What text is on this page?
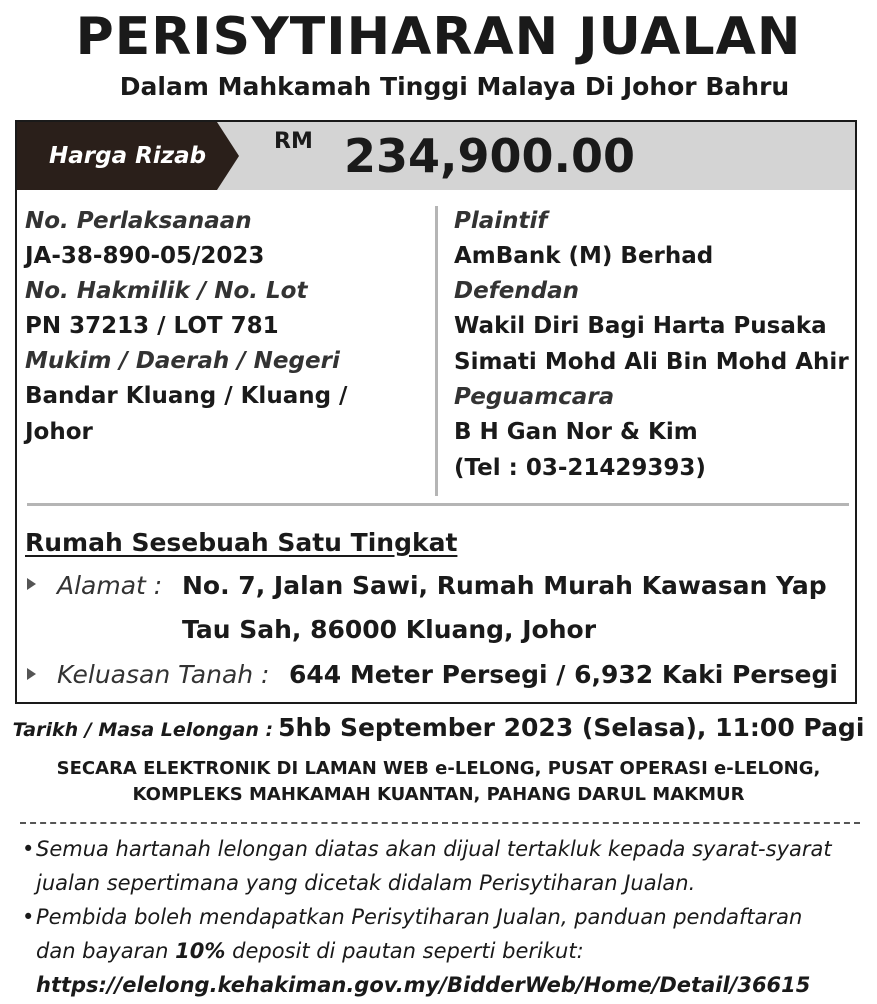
PERISYTIHARAN JUALAN
Dalam Mahkamah Tinggi Malaya Di Johor Bahru
Harga Rizab
RM 234,900.00
No. Perlaksanaan
JA-38-890-05/2023
No. Hakmilik / No. Lot
PN 37213 / LOT 781
Mukim / Daerah / Negeri
Bandar Kluang / Kluang /
Johor
Plaintif
AmBank (M) Berhad
Defendan
Wakil Diri Bagi Harta Pusaka
Simati Mohd Ali Bin Mohd Ahir
Peguamcara
B H Gan Nor & Kim
(Tel : 03-21429393)
Rumah Sesebuah Satu Tingkat
Alamat : No. 7, Jalan Sawi, Rumah Murah Kawasan Yap
Tau Sah, 86000 Kluang, Johor
Keluasan Tanah : 644 Meter Persegi / 6,932 Kaki Persegi
Tarikh / Masa Lelongan : 5hb September 2023 (Selasa), 11:00 Pagi
SECARA ELEKTRONIK DI LAMAN WEB e-LELONG, PUSAT OPERASI e-LELONG,
KOMPLEKS MAHKAMAH KUANTAN, PAHANG DARUL MAKMUR

•Semua hartanah lelongan diatas akan dijual tertakluk kepada syarat-syarat

jualan sepertimana yang dicetak didalam Perisytiharan Jualan.

•Pembida boleh mendapatkan Perisytiharan Jualan, panduan pendaftaran

dan bayaran 10% deposit di pautan seperti berikut:

https://elelong.kehakiman.gov.my/BidderWeb/Home/Detail/36615
